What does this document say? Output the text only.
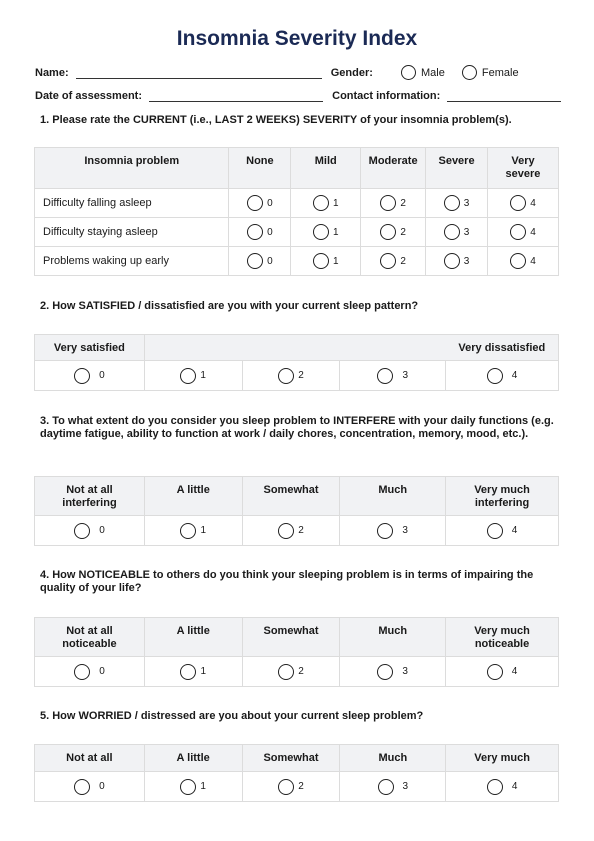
Insomnia Severity Index
Name:	Gender:	Male
	Female
Date of assessment:	Contact information:
1. Please rate the CURRENT (i.e., LAST 2 WEEKS) SEVERITY of your insomnia problem(s).
Insomnia problem	None	Mild	Moderate	Severe	Very severe
Difficulty falling asleep	0	1	2	3	4

Difficulty staying asleep	0	1	2	3	4

Problems waking up early	0	1	2	3	4
2. How SATISFIED / dissatisfied are you with your current sleep pattern?
Very satisfied				Very dissatisfied

0	1	2	3	4
3. To what extent do you consider you sleep problem to INTERFERE with your daily functions (e.g. daytime fatigue, ability to function at work / daily chores, concentration, memory, mood, etc.).
Not at all interfering	A little	Somewhat	Much	Very much interfering

0	1	2	3	4
4. How NOTICEABLE to others do you think your sleeping problem is in terms of impairing the quality of your life?
Not at all noticeable	A little	Somewhat	Much	Very much noticeable

0	1	2	3	4
5. How WORRIED / distressed are you about your current sleep problem?
Not at all	A little	Somewhat	Much	Very much

0	1	2	3	4
